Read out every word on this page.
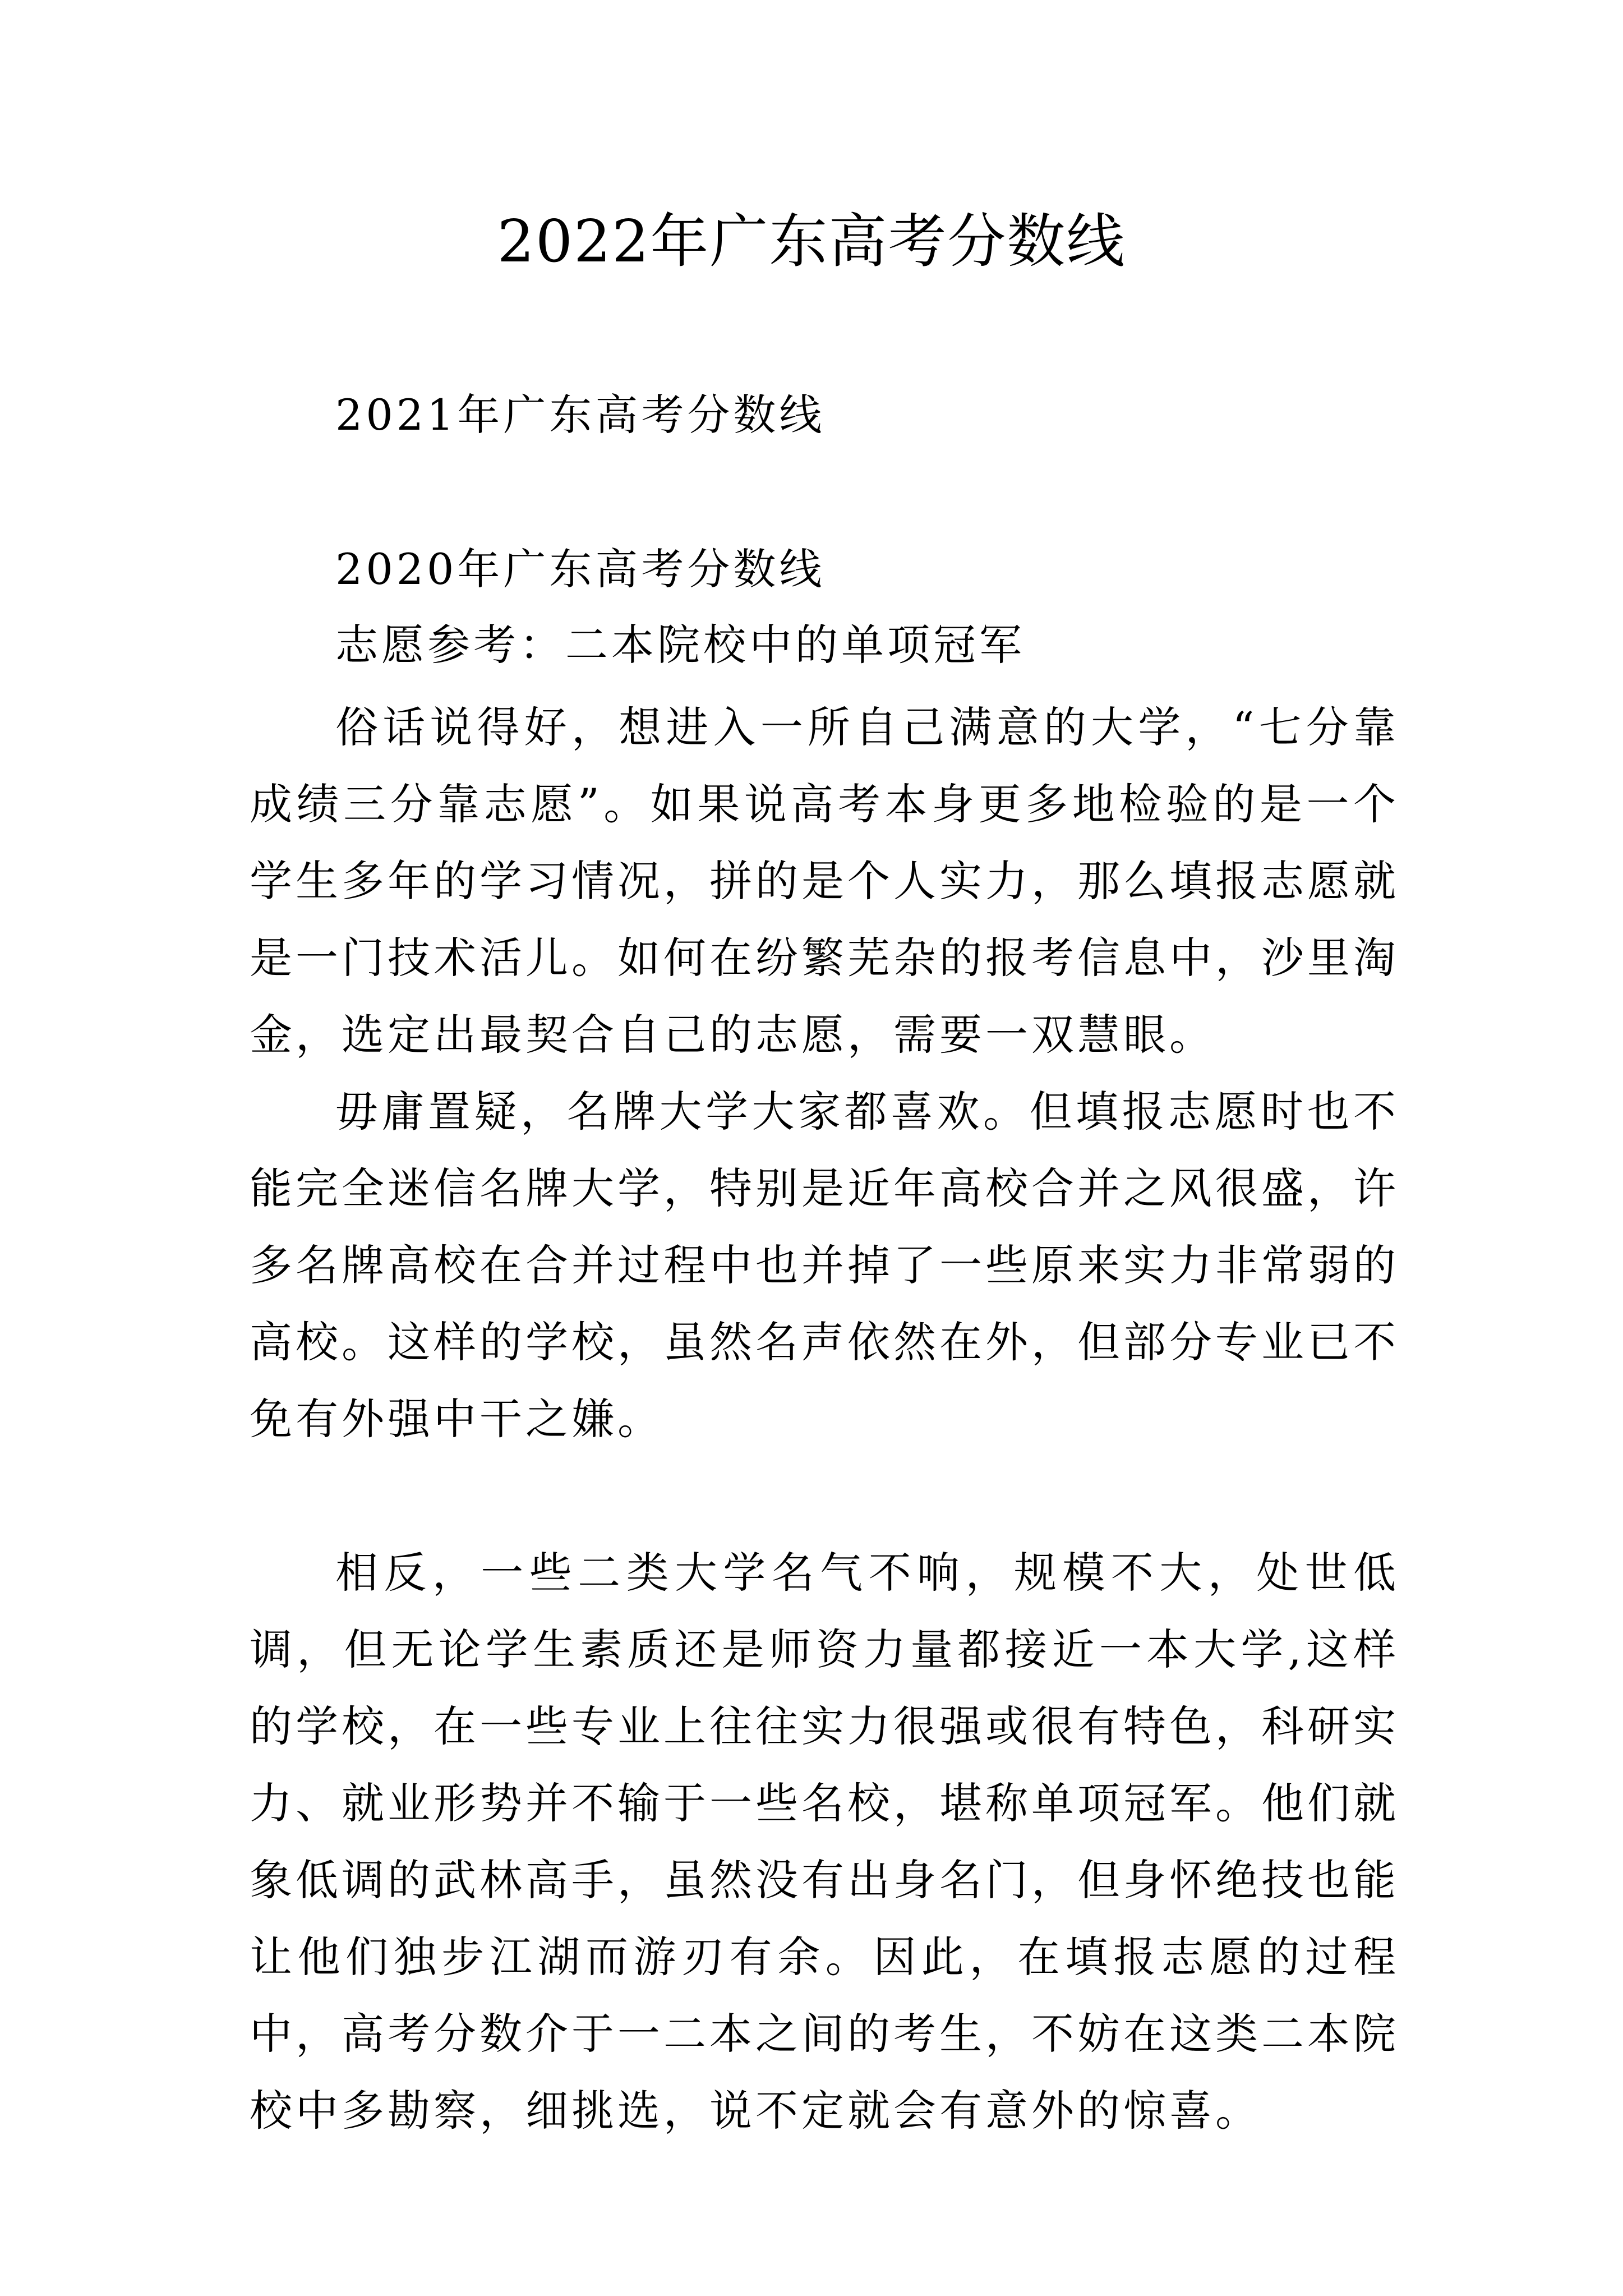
2022年广东高考分数线
2021年广东高考分数线
2020年广东高考分数线
志愿参考：二本院校中的单项冠军

俗话说得好，想进入一所自己满意的大学，“七分靠成绩三分靠志愿”。如果说高考本身更多地检验的是一个学生多年的学习情况，拼的是个人实力，那么填报志愿就是一门技术活儿。如何在纷繁芜杂的报考信息中，沙里淘金，选定出最契合自己的志愿，需要一双慧眼。

毋庸置疑，名牌大学大家都喜欢。但填报志愿时也不能完全迷信名牌大学，特别是近年高校合并之风很盛，许多名牌高校在合并过程中也并掉了一些原来实力非常弱的高校。这样的学校，虽然名声依然在外，但部分专业已不免有外强中干之嫌。

相反，一些二类大学名气不响，规模不大，处世低调，但无论学生素质还是师资力量都接近一本大学,这样的学校，在一些专业上往往实力很强或很有特色，科研实力、就业形势并不输于一些名校，堪称单项冠军。他们就象低调的武林高手，虽然没有出身名门，但身怀绝技也能让他们独步江湖而游刃有余。因此，在填报志愿的过程中，高考分数介于一二本之间的考生，不妨在这类二本院校中多勘察，细挑选，说不定就会有意外的惊喜。
